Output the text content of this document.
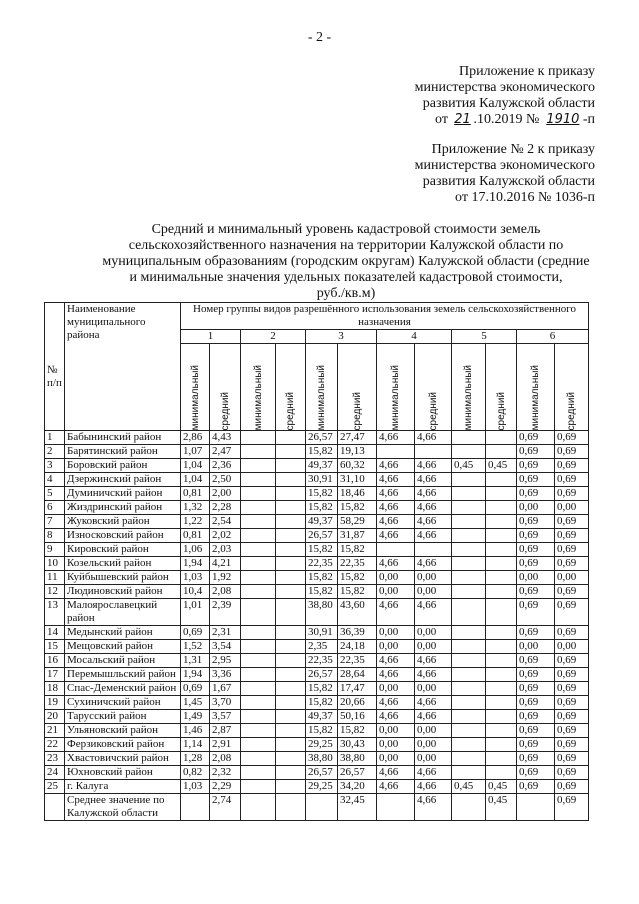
- 2 -
Приложение к приказу
министерства экономического
развития Калужской области
от 21 .10.2019 № 1910 -п
Приложение № 2 к приказу
министерства экономического
развития Калужской области
от 17.10.2016 № 1036-п
Средний и минимальный уровень кадастровой стоимости земель
сельскохозяйственного назначения на территории Калужской области по
муниципальным образованиям (городским округам) Калужской области (средние
и минимальные значения удельных показателей кадастровой стоимости,
руб./кв.м)
№ п/п	Наименование муниципального района	Номер группы видов разрешённого использования земель сельскохозяйственного назначения											
		1		2		3		4		5		6	

		минимальный	средний	минимальный	средний	минимальный	средний	минимальный	средний	минимальный	средний	минимальный	средний

1	Бабынинский район	2,86	4,43			26,57	27,47	4,66	4,66			0,69	0,69
2	Барятинский район	1,07	2,47			15,82	19,13					0,69	0,69
3	Боровский район	1,04	2,36			49,37	60,32	4,66	4,66	0,45	0,45	0,69	0,69
4	Дзержинский район	1,04	2,50			30,91	31,10	4,66	4,66			0,69	0,69
5	Думиничский район	0,81	2,00			15,82	18,46	4,66	4,66			0,69	0,69
6	Жиздринский район	1,32	2,28			15,82	15,82	4,66	4,66			0,00	0,00
7	Жуковский район	1,22	2,54			49,37	58,29	4,66	4,66			0,69	0,69
8	Износковский район	0,81	2,02			26,57	31,87	4,66	4,66			0,69	0,69
9	Кировский район	1,06	2,03			15,82	15,82					0,69	0,69
10	Козельский район	1,94	4,21			22,35	22,35	4,66	4,66			0,69	0,69
11	Куйбышевский район	1,03	1,92			15,82	15,82	0,00	0,00			0,00	0,00
12	Людиновский район	10,4	2,08			15,82	15,82	0,00	0,00			0,69	0,69
13	Малоярославецкий район	1,01	2,39			38,80	43,60	4,66	4,66			0,69	0,69
14	Медынский район	0,69	2,31			30,91	36,39	0,00	0,00			0,69	0,69
15	Мещовский район	1,52	3,54			2,35	24,18	0,00	0,00			0,00	0,00
16	Мосальский район	1,31	2,95			22,35	22,35	4,66	4,66			0,69	0,69
17	Перемышльский район	1,94	3,36			26,57	28,64	4,66	4,66			0,69	0,69
18	Спас-Деменский район	0,69	1,67			15,82	17,47	0,00	0,00			0,69	0,69
19	Сухиничский район	1,45	3,70			15,82	20,66	4,66	4,66			0,69	0,69
20	Тарусский район	1,49	3,57			49,37	50,16	4,66	4,66			0,69	0,69
21	Ульяновский район	1,46	2,87			15,82	15,82	0,00	0,00			0,69	0,69
22	Ферзиковский район	1,14	2,91			29,25	30,43	0,00	0,00			0,69	0,69
23	Хвастовичский район	1,28	2,08			38,80	38,80	0,00	0,00			0,69	0,69
24	Юхновский район	0,82	2,32			26,57	26,57	4,66	4,66			0,69	0,69
25	г. Калуга	1,03	2,29			29,25	34,20	4,66	4,66	0,45	0,45	0,69	0,69
	Среднее значение по Калужской области		2,74				32,45		4,66		0,45		0,69
